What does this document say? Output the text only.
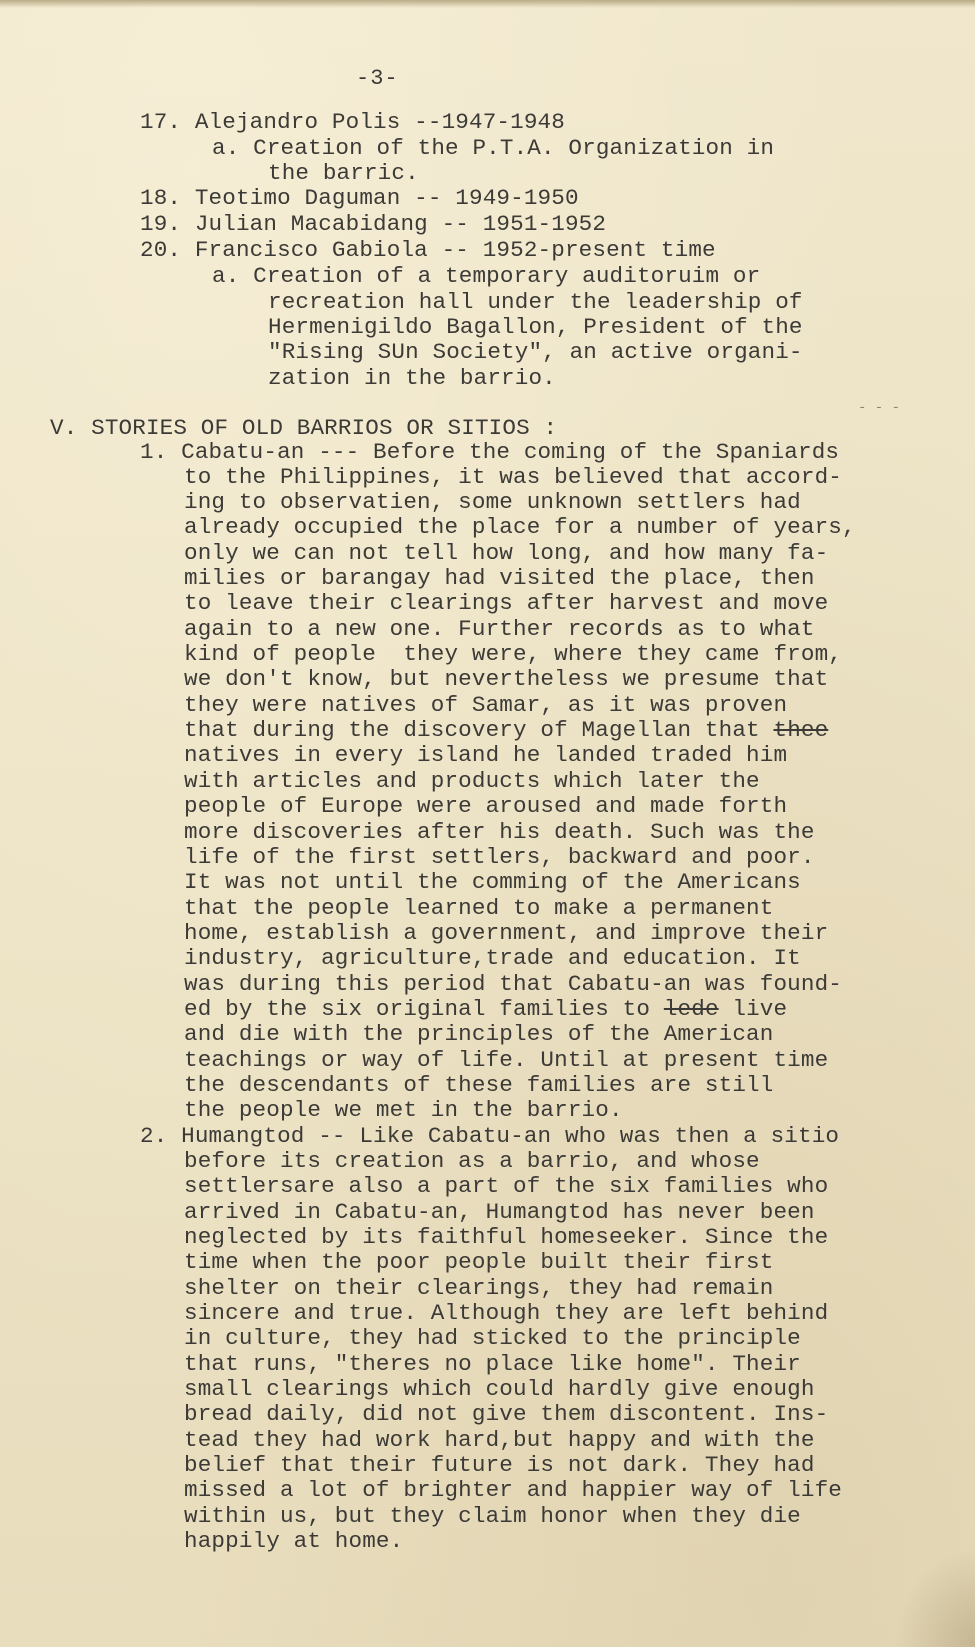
-3-
17. Alejandro Polis --1947-1948
a. Creation of the P.T.A. Organization in
the barric.
18. Teotimo Daguman -- 1949-1950
19. Julian Macabidang -- 1951-1952
20. Francisco Gabiola -- 1952-present time
a. Creation of a temporary auditoruim or
recreation hall under the leadership of
Hermenigildo Bagallon, President of the
"Rising SUn Society", an active organi-
zation in the barrio.
- - -
V. STORIES OF OLD BARRIOS OR SITIOS :
1. Cabatu-an --- Before the coming of the Spaniards
to the Philippines, it was believed that accord-
ing to observatien, some unknown settlers had
already occupied the place for a number of years,
only we can not tell how long, and how many fa-
milies or barangay had visited the place, then
to leave their clearings after harvest and move
again to a new one. Further records as to what
kind of people  they were, where they came from,
we don't know, but nevertheless we presume that
they were natives of Samar, as it was proven
that during the discovery of Magellan that thee
natives in every island he landed traded him
with articles and products which later the
people of Europe were aroused and made forth
more discoveries after his death. Such was the
life of the first settlers, backward and poor.
It was not until the comming of the Americans
that the people learned to make a permanent
home, establish a government, and improve their
industry, agriculture,trade and education. It
was during this period that Cabatu-an was found-
ed by the six original families to lede live
and die with the principles of the American
teachings or way of life. Until at present time
the descendants of these families are still
the people we met in the barrio.
2. Humangtod -- Like Cabatu-an who was then a sitio
before its creation as a barrio, and whose
settlersare also a part of the six families who
arrived in Cabatu-an, Humangtod has never been
neglected by its faithful homeseeker. Since the
time when the poor people built their first
shelter on their clearings, they had remain
sincere and true. Although they are left behind
in culture, they had sticked to the principle
that runs, "theres no place like home". Their
small clearings which could hardly give enough
bread daily, did not give them discontent. Ins-
tead they had work hard,but happy and with the
belief that their future is not dark. They had
missed a lot of brighter and happier way of life
within us, but they claim honor when they die
happily at home.
